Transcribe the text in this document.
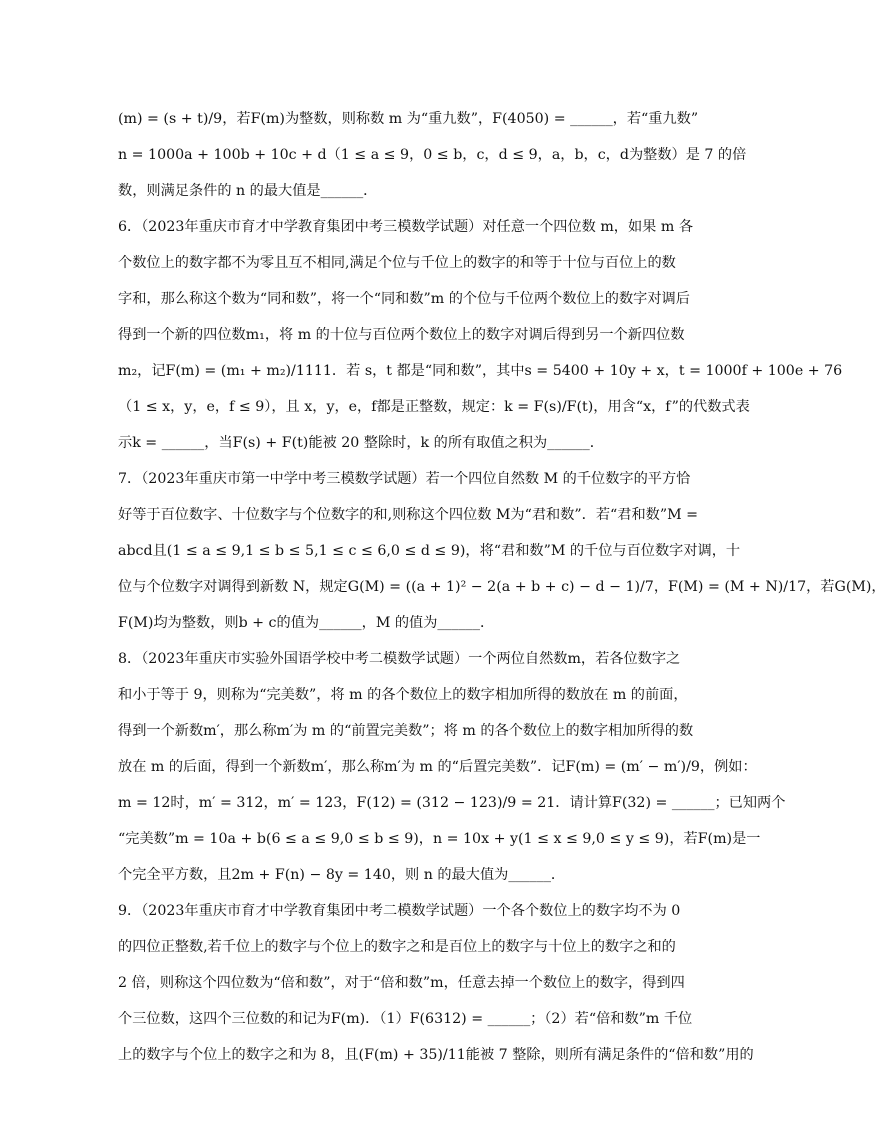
(m) = (s + t)/9，若F(m)为整数，则称数 m 为“重九数”，F(4050) = ______，若“重九数”
n = 1000a + 100b + 10c + d（1 ≤ a ≤ 9，0 ≤ b，c，d ≤ 9，a，b，c，d为整数）是 7 的倍
数，则满足条件的 n 的最大值是______．
6．（2023年重庆市育才中学教育集团中考三模数学试题）对任意一个四位数 m，如果 m 各
个数位上的数字都不为零且互不相同,满足个位与千位上的数字的和等于十位与百位上的数
字和，那么称这个数为“同和数”，将一个“同和数”m 的个位与千位两个数位上的数字对调后
得到一个新的四位数m₁，将 m 的十位与百位两个数位上的数字对调后得到另一个新四位数
m₂，记F(m) = (m₁ + m₂)/1111．若 s，t 都是“同和数”，其中s = 5400 + 10y + x，t = 1000f + 100e + 76
（1 ≤ x，y，e，f ≤ 9），且 x，y，e，f都是正整数，规定：k = F(s)/F(t)，用含“x，f”的代数式表
示k = ______，当F(s) + F(t)能被 20 整除时，k 的所有取值之积为______．
7．（2023年重庆市第一中学中考三模数学试题）若一个四位自然数 M 的千位数字的平方恰
好等于百位数字、十位数字与个位数字的和,则称这个四位数 M为“君和数”．若“君和数”M =
abcd且(1 ≤ a ≤ 9,1 ≤ b ≤ 5,1 ≤ c ≤ 6,0 ≤ d ≤ 9)，将“君和数”M 的千位与百位数字对调，十
位与个位数字对调得到新数 N，规定G(M) = ((a + 1)² − 2(a + b + c) − d − 1)/7，F(M) = (M + N)/17，若G(M)，
F(M)均为整数，则b + c的值为______，M 的值为______．
8．（2023年重庆市实验外国语学校中考二模数学试题）一个两位自然数m，若各位数字之
和小于等于 9，则称为“完美数”，将 m 的各个数位上的数字相加所得的数放在 m 的前面，
得到一个新数m′，那么称m′为 m 的“前置完美数”；将 m 的各个数位上的数字相加所得的数
放在 m 的后面，得到一个新数m′，那么称m′为 m 的“后置完美数”．记F(m) = (m′ − m′)/9，例如：
m = 12时，m′ = 312，m′ = 123，F(12) = (312 − 123)/9 = 21．请计算F(32) = ______；已知两个
“完美数”m = 10a + b(6 ≤ a ≤ 9,0 ≤ b ≤ 9)，n = 10x + y(1 ≤ x ≤ 9,0 ≤ y ≤ 9)，若F(m)是一
个完全平方数，且2m + F(n) − 8y = 140，则 n 的最大值为______．
9．（2023年重庆市育才中学教育集团中考二模数学试题）一个各个数位上的数字均不为 0
的四位正整数,若千位上的数字与个位上的数字之和是百位上的数字与十位上的数字之和的
2 倍，则称这个四位数为“倍和数”，对于“倍和数”m，任意去掉一个数位上的数字，得到四
个三位数，这四个三位数的和记为F(m)．（1）F(6312) = ______；（2）若“倍和数”m 千位
上的数字与个位上的数字之和为 8，且(F(m) + 35)/11能被 7 整除，则所有满足条件的“倍和数”用的
